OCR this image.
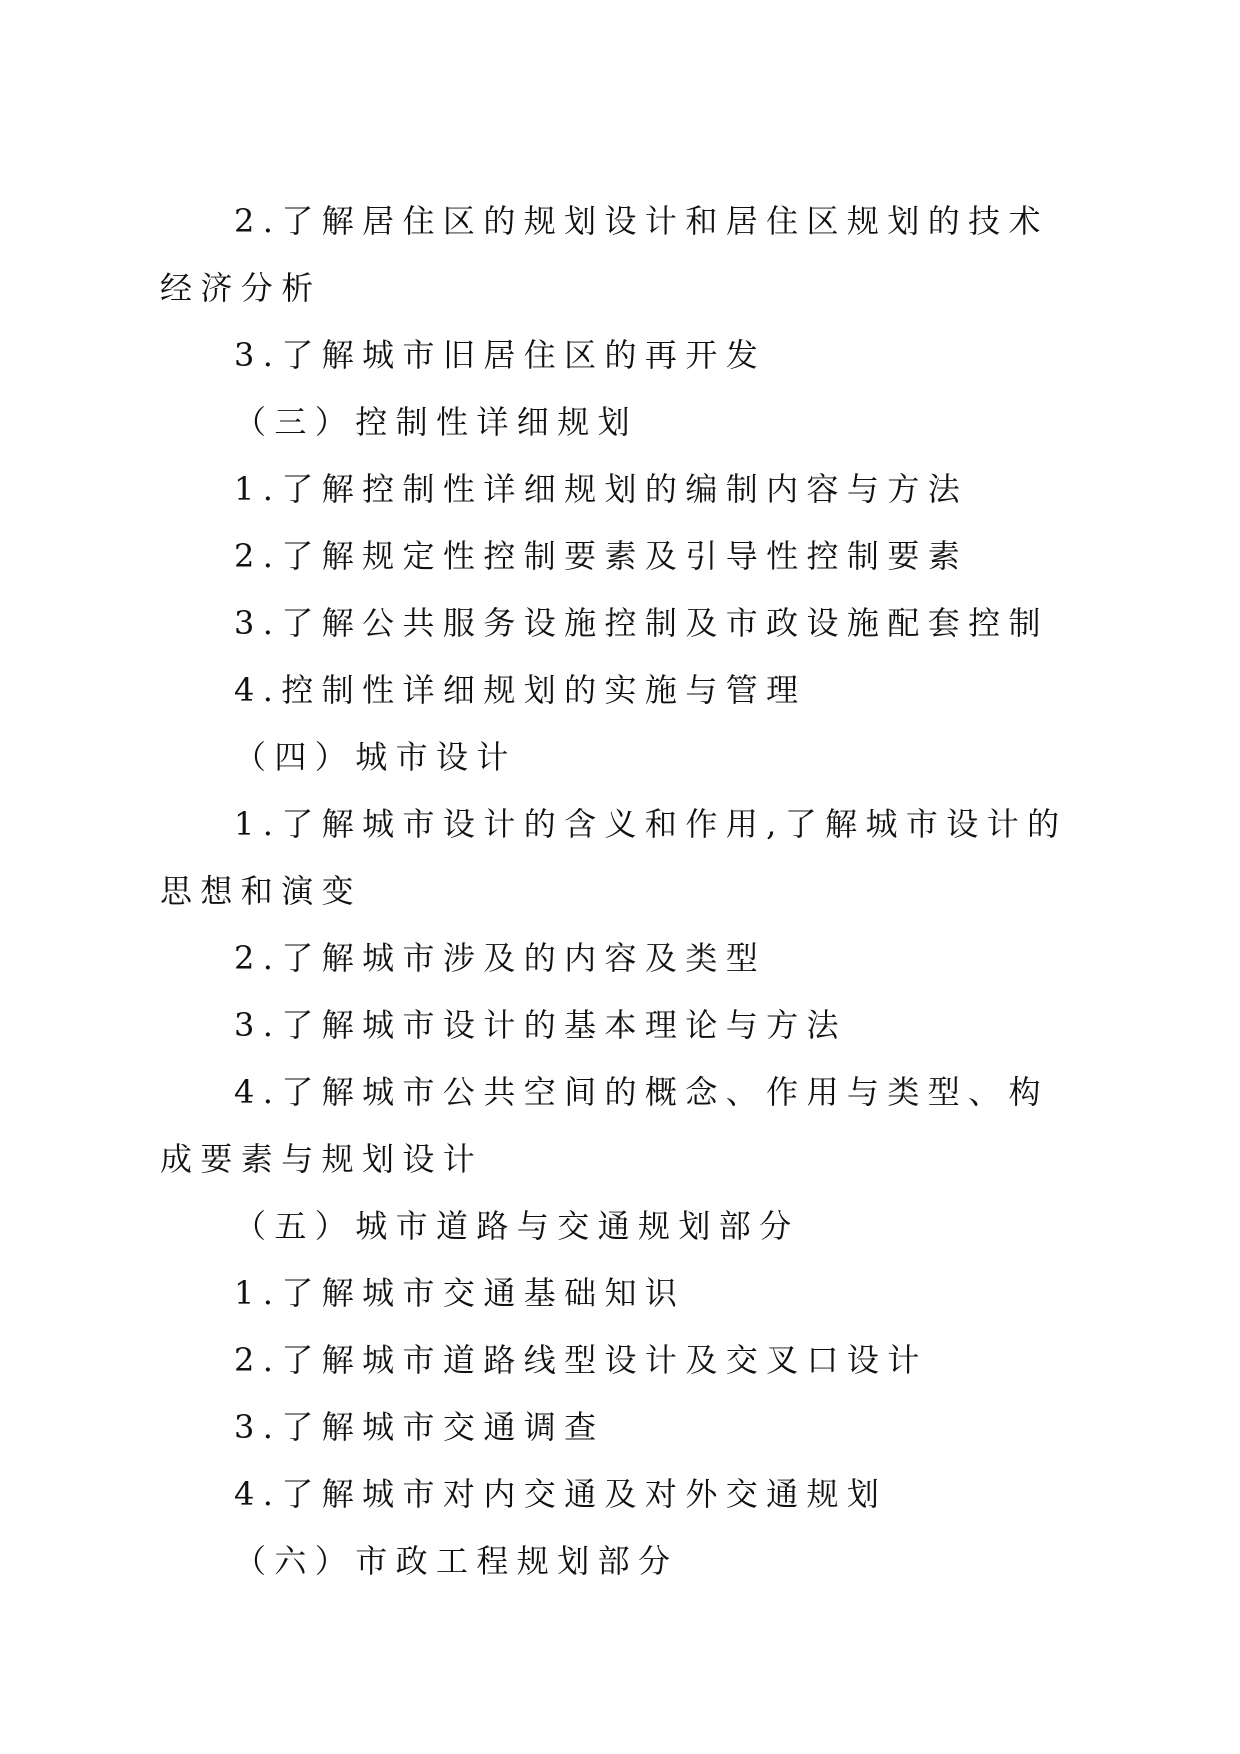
2.了解居住区的规划设计和居住区规划的技术经济分析

3.了解城市旧居住区的再开发

（三）控制性详细规划

1.了解控制性详细规划的编制内容与方法

2.了解规定性控制要素及引导性控制要素

3.了解公共服务设施控制及市政设施配套控制

4.控制性详细规划的实施与管理

（四）城市设计

1.了解城市设计的含义和作用,了解城市设计的思想和演变

2.了解城市涉及的内容及类型

3.了解城市设计的基本理论与方法

4.了解城市公共空间的概念、作用与类型、构成要素与规划设计

（五）城市道路与交通规划部分

1.了解城市交通基础知识

2.了解城市道路线型设计及交叉口设计

3.了解城市交通调查

4.了解城市对内交通及对外交通规划

（六）市政工程规划部分
